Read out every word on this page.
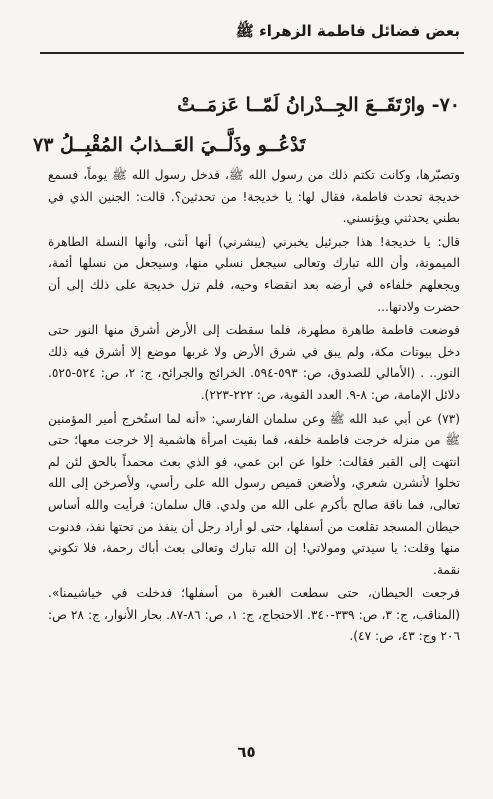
بعض فضائل فاطمة الزهراء ﷺ
٧٠- وارْتَقَــعَ الجِــدْرانُ لَمّــا عَزمَــتْ
تَدْعُــو وذَلَّــيَ العَــذابُ المُقْبِــلُ ٧٣

وتصبّرها، وكانت تكتم ذلك من رسول الله ﷺ، فدخل رسول الله ﷺ يوماً، فسمع خديجة تحدث فاطمة، فقال لها: يا خديجة! من تحدثين؟. قالت: الجنين الذي في بطني يحدثني ويؤنسني.

قال: يا خديجة! هذا جبرئيل يخبرني (يبشرني) أنها أنثى، وأنها النسلة الطاهرة الميمونة، وأن الله تبارك وتعالى سيجعل نسلي منها، وسيجعل من نسلها أئمة، ويجعلهم خلفاءه في أرضه بعد انقضاء وحيه، فلم تزل خديجة على ذلك إلى أن حضرت ولادتها...

فوضعت فاطمة طاهرة مطهرة، فلما سقطت إلى الأرض أشرق منها النور حتى دخل بيوتات مكة، ولم يبق في شرق الأرض ولا غربها موضع إلا أشرق فيه ذلك النور.. . (الأمالي للصدوق، ص: ٥٩٣-٥٩٤. الخرائج والجرائح، ج: ٢، ص: ٥٢٤-٥٢٥. دلائل الإمامة، ص: ٨-٩. العدد القوية، ص: ٢٢٢-٢٢٣).

(٧٣) عن أبي عبد الله ﷺ وعن سلمان الفارسي: «أنه لما استُخرج أمير المؤمنين ﷺ من منزله خرجت فاطمة خلفه، فما بقيت امرأة هاشمية إلا خرجت معها؛ حتى انتهت إلى القبر فقالت: خلوا عن ابن عمي، فو الذي بعث محمداً بالحق لئن لم تخلوا لأنشرن شعري، ولأضعن قميص رسول الله على رأسي، ولأصرخن إلى الله تعالى، فما ناقة صالح بأكرم على الله من ولدي. قال سلمان: فرأيت والله أساس حيطان المسجد تقلعت من أسفلها، حتى لو أراد رجل أن ينفذ من تحتها نفذ، فدنوت منها وقلت: يا سيدتي ومولاتي! إن الله تبارك وتعالى بعث أباك رحمة، فلا تكوني نقمة.

فرجعت الحيطان، حتى سطعت الغبرة من أسفلها؛ فدخلت في خياشيمنا». (المناقب، ج: ٣، ص: ٣٣٩-٣٤٠. الاحتجاج، ج: ١، ص: ٨٦-٨٧. بحار الأنوار، ج: ٢٨ ص: ٢٠٦ وج: ٤٣، ص: ٤٧).

٦٥
